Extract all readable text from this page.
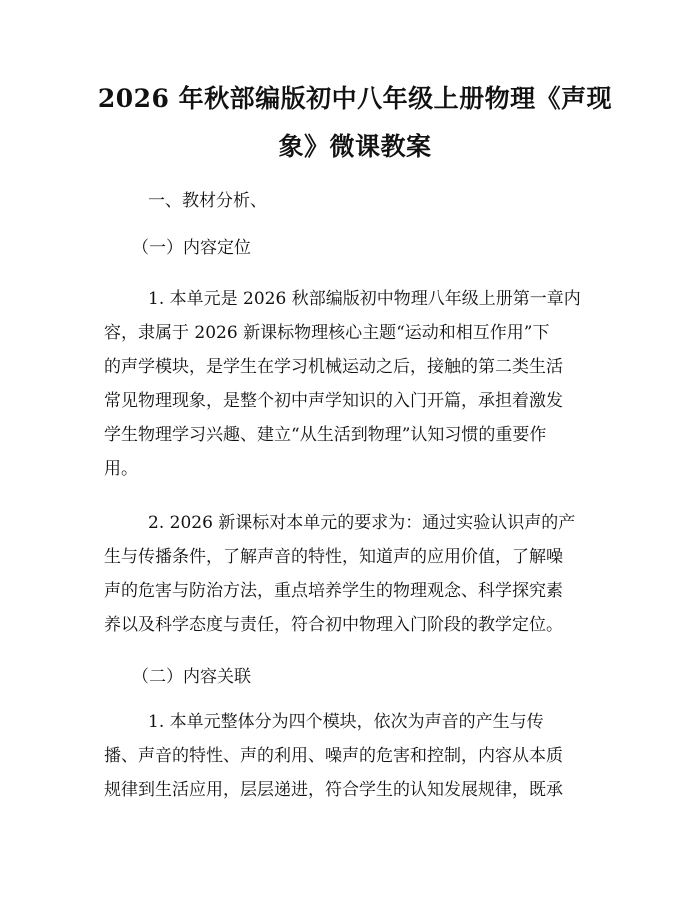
2026 年秋部编版初中八年级上册物理《声现
象》微课教案

一、教材分析、

（一）内容定位

1. 本单元是 2026 秋部编版初中物理八年级上册第一章内
容，隶属于 2026 新课标物理核心主题“运动和相互作用”下
的声学模块，是学生在学习机械运动之后，接触的第二类生活
常见物理现象，是整个初中声学知识的入门开篇，承担着激发
学生物理学习兴趣、建立“从生活到物理”认知习惯的重要作
用。
2. 2026 新课标对本单元的要求为：通过实验认识声的产
生与传播条件，了解声音的特性，知道声的应用价值，了解噪
声的危害与防治方法，重点培养学生的物理观念、科学探究素
养以及科学态度与责任，符合初中物理入门阶段的教学定位。

（二）内容关联

1. 本单元整体分为四个模块，依次为声音的产生与传
播、声音的特性、声的利用、噪声的危害和控制，内容从本质
规律到生活应用，层层递进，符合学生的认知发展规律，既承
